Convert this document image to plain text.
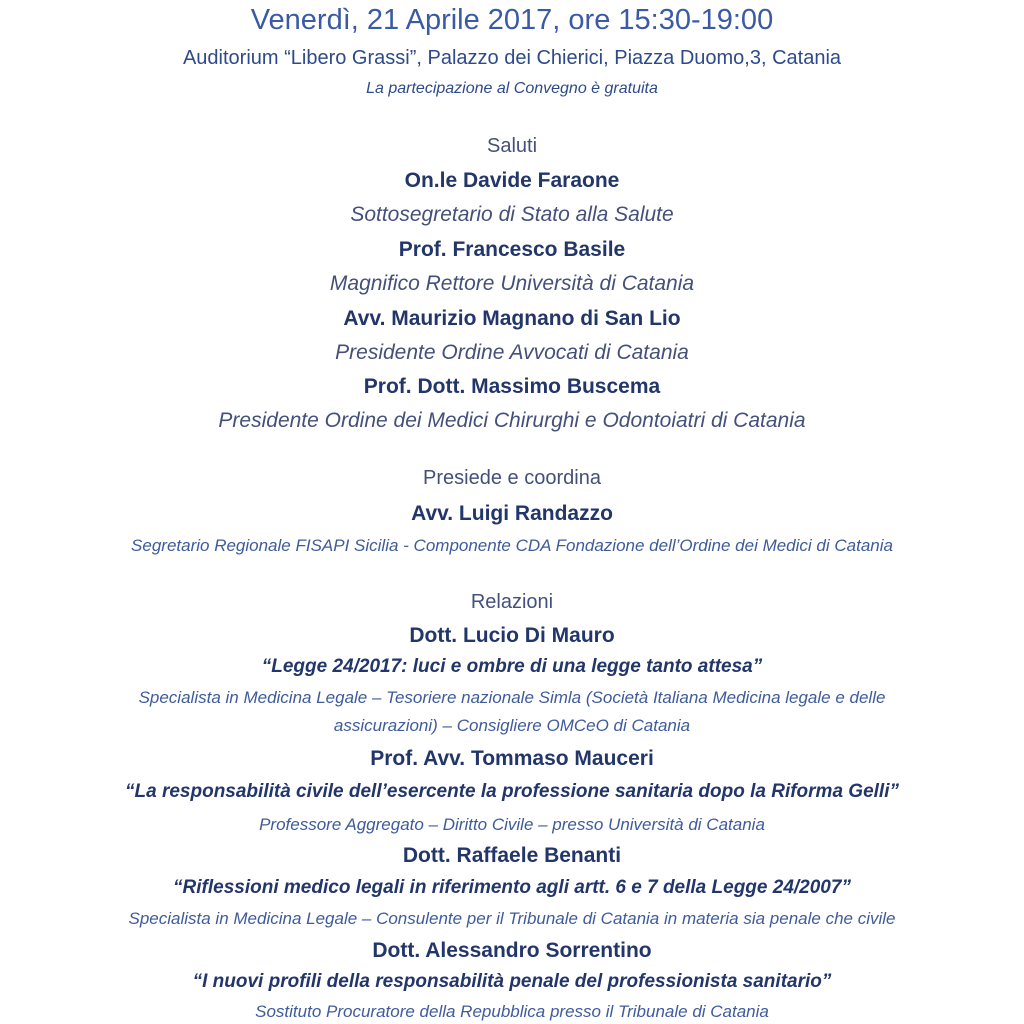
Venerdì, 21 Aprile 2017, ore 15:30-19:00
Auditorium “Libero Grassi”, Palazzo dei Chierici, Piazza Duomo,3, Catania
La partecipazione al Convegno è gratuita
Saluti
On.le Davide Faraone
Sottosegretario di Stato alla Salute
Prof. Francesco Basile
Magnifico Rettore Università di Catania
Avv. Maurizio Magnano di San Lio
Presidente Ordine Avvocati di Catania
Prof. Dott. Massimo Buscema
Presidente Ordine dei Medici Chirurghi e Odontoiatri di Catania
Presiede e coordina
Avv. Luigi Randazzo
Segretario Regionale FISAPI Sicilia - Componente CDA Fondazione dell’Ordine dei Medici di Catania
Relazioni
Dott. Lucio Di Mauro
“Legge 24/2017: luci e ombre di una legge tanto attesa”
Specialista in Medicina Legale – Tesoriere nazionale Simla (Società Italiana Medicina legale e delle
assicurazioni) – Consigliere OMCeO di Catania
Prof. Avv. Tommaso Mauceri
“La responsabilità civile dell’esercente la professione sanitaria dopo la Riforma Gelli”
Professore Aggregato – Diritto Civile – presso Università di Catania
Dott. Raffaele Benanti
“Riflessioni medico legali in riferimento agli artt. 6 e 7 della Legge 24/2007”
Specialista in Medicina Legale – Consulente per il Tribunale di Catania in materia sia penale che civile
Dott. Alessandro Sorrentino
“I nuovi profili della responsabilità penale del professionista sanitario”
Sostituto Procuratore della Repubblica presso il Tribunale di Catania
